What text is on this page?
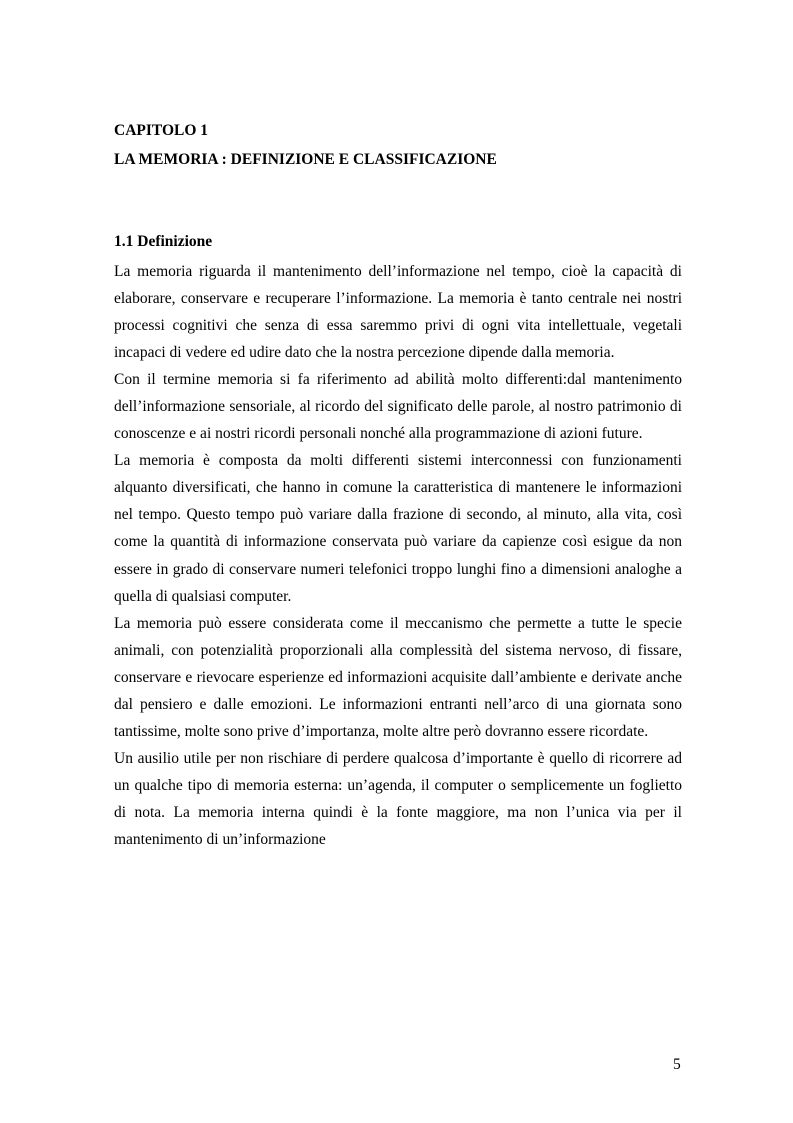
CAPITOLO 1
LA MEMORIA : DEFINIZIONE E CLASSIFICAZIONE
1.1 Definizione

La memoria riguarda il mantenimento dell’informazione nel tempo, cioè la capacità di elaborare, conservare e recuperare l’informazione. La memoria è tanto centrale nei nostri processi cognitivi che senza di essa saremmo privi di ogni vita intellettuale, vegetali incapaci di vedere ed udire dato che la nostra percezione dipende dalla memoria.

Con il termine memoria si fa riferimento ad abilità molto differenti:dal mantenimento dell’informazione sensoriale, al ricordo del significato delle parole, al nostro patrimonio di conoscenze e ai nostri ricordi personali nonché alla programmazione di azioni future.

La memoria è composta da molti differenti sistemi interconnessi con funzionamenti alquanto diversificati, che hanno in comune la caratteristica di mantenere le informazioni nel tempo. Questo tempo può variare dalla frazione di secondo, al minuto, alla vita, così come la quantità di informazione conservata può variare da capienze così esigue da non essere in grado di conservare numeri telefonici troppo lunghi fino a dimensioni analoghe a quella di qualsiasi computer.

La memoria può essere considerata come il meccanismo che permette a tutte le specie animali, con potenzialità proporzionali alla complessità del sistema nervoso, di fissare, conservare e rievocare esperienze ed informazioni acquisite dall’ambiente e derivate anche dal pensiero e dalle emozioni. Le informazioni entranti nell’arco di una giornata sono tantissime, molte sono prive d’importanza, molte altre però dovranno essere ricordate.

Un ausilio utile per non rischiare di perdere qualcosa d’importante è quello di ricorrere ad un qualche tipo di memoria esterna: un’agenda, il computer o semplicemente un foglietto di nota. La memoria interna quindi è la fonte maggiore, ma non l’unica via per il mantenimento di un’informazione

5
